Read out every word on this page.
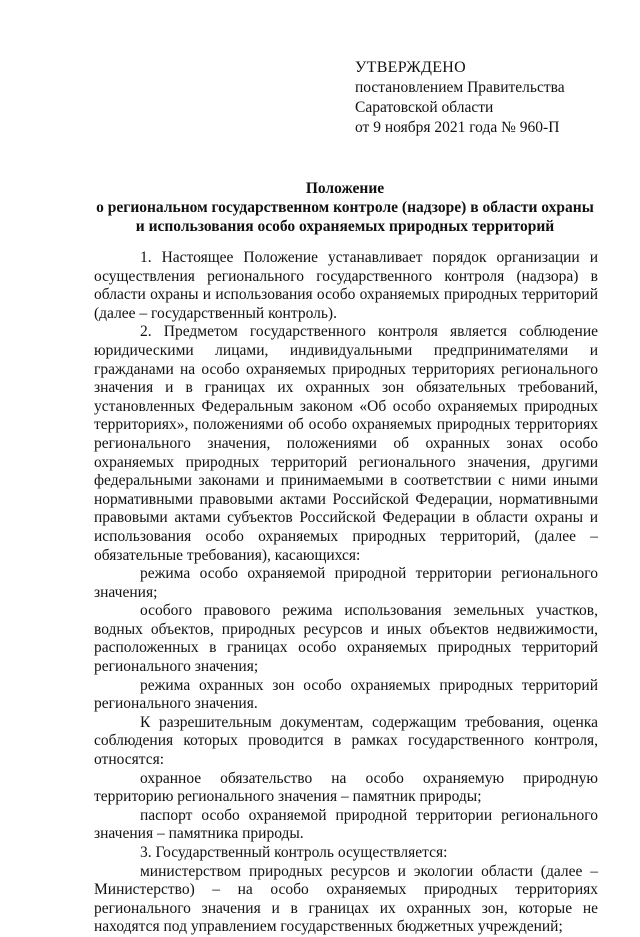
УТВЕРЖДЕНО
постановлением Правительства
Саратовской области
от 9 ноября 2021 года № 960-П
Положение
о региональном государственном контроле (надзоре) в области охраны
и использования особо охраняемых природных территорий

1. Настоящее Положение устанавливает порядок организации и осуществления регионального государственного контроля (надзора) в области охраны и использования особо охраняемых природных территорий (далее – государственный контроль).

2. Предметом государственного контроля является соблюдение юридическими лицами, индивидуальными предпринимателями и гражданами на особо охраняемых природных территориях регионального значения и в границах их охранных зон обязательных требований, установленных Федеральным законом «Об особо охраняемых природных территориях», положениями об особо охраняемых природных территориях регионального значения, положениями об охранных зонах особо охраняемых природных территорий регионального значения, другими федеральными законами и принимаемыми в соответствии с ними иными нормативными правовыми актами Российской Федерации, нормативными правовыми актами субъектов Российской Федерации в области охраны и использования особо охраняемых природных территорий, (далее – обязательные требования), касающихся:

режима особо охраняемой природной территории регионального значения;

особого правового режима использования земельных участков, водных объектов, природных ресурсов и иных объектов недвижимости, расположенных в границах особо охраняемых природных территорий регионального значения;

режима охранных зон особо охраняемых природных территорий регионального значения.

К разрешительным документам, содержащим требования, оценка соблюдения которых проводится в рамках государственного контроля, относятся:

охранное обязательство на особо охраняемую природную территорию регионального значения – памятник природы;

паспорт особо охраняемой природной территории регионального значения – памятника природы.

3. Государственный контроль осуществляется:

министерством природных ресурсов и экологии области (далее – Министерство) – на особо охраняемых природных территориях регионального значения и в границах их охранных зон, которые не находятся под управлением государственных бюджетных учреждений;
